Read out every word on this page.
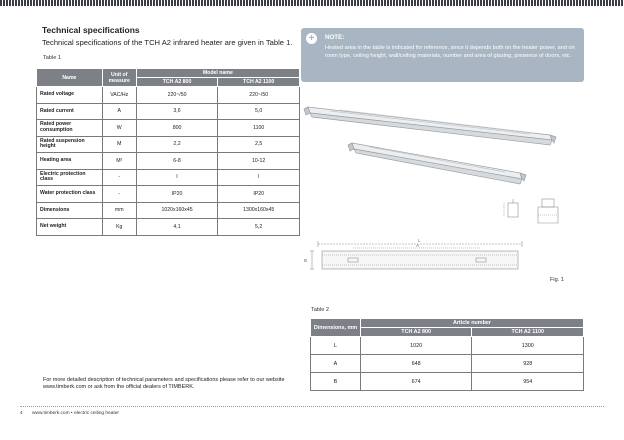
Technical specifications
Technical specifications of the TCH A2 infrared heater are given in Table 1.
Table 1
Name	Unit of measure	Model name	
		TCH A2 800	TCH A2 1100
Rated voltage	VAC/Hz	220~/50	220~/50
Rated current	A	3,6	5,0
Rated power consumption	W	800	1100
Rated suspension height	M	2,2	2,5
Heating area	M²	6-8	10-12
Electric protection class	-	I	I
Water protection class	-	IP20	IP20
Dimensions	mm	1020x160x45	1300x160x45
Net weight	Kg	4,1	5,2
+	NOTE:
Heated area in the table is indicated for reference, since it depends both on the heater power, and on room type, ceiling height, wall/ceiling materials, number and area of glazing, presence of doors, etc.
L
A
B
Fig. 1
Table 2
Dimensions, mm	Article number	
	TCH A2 800	TCH A2 1100
L	1020	1300
A	648	928
B	674	954
For more detailed description of technical parameters and specifications please refer to our website www.timberk.com or ask from the official dealers of TIMBERK.
4 www.timberk.com • electric ceiling heater
